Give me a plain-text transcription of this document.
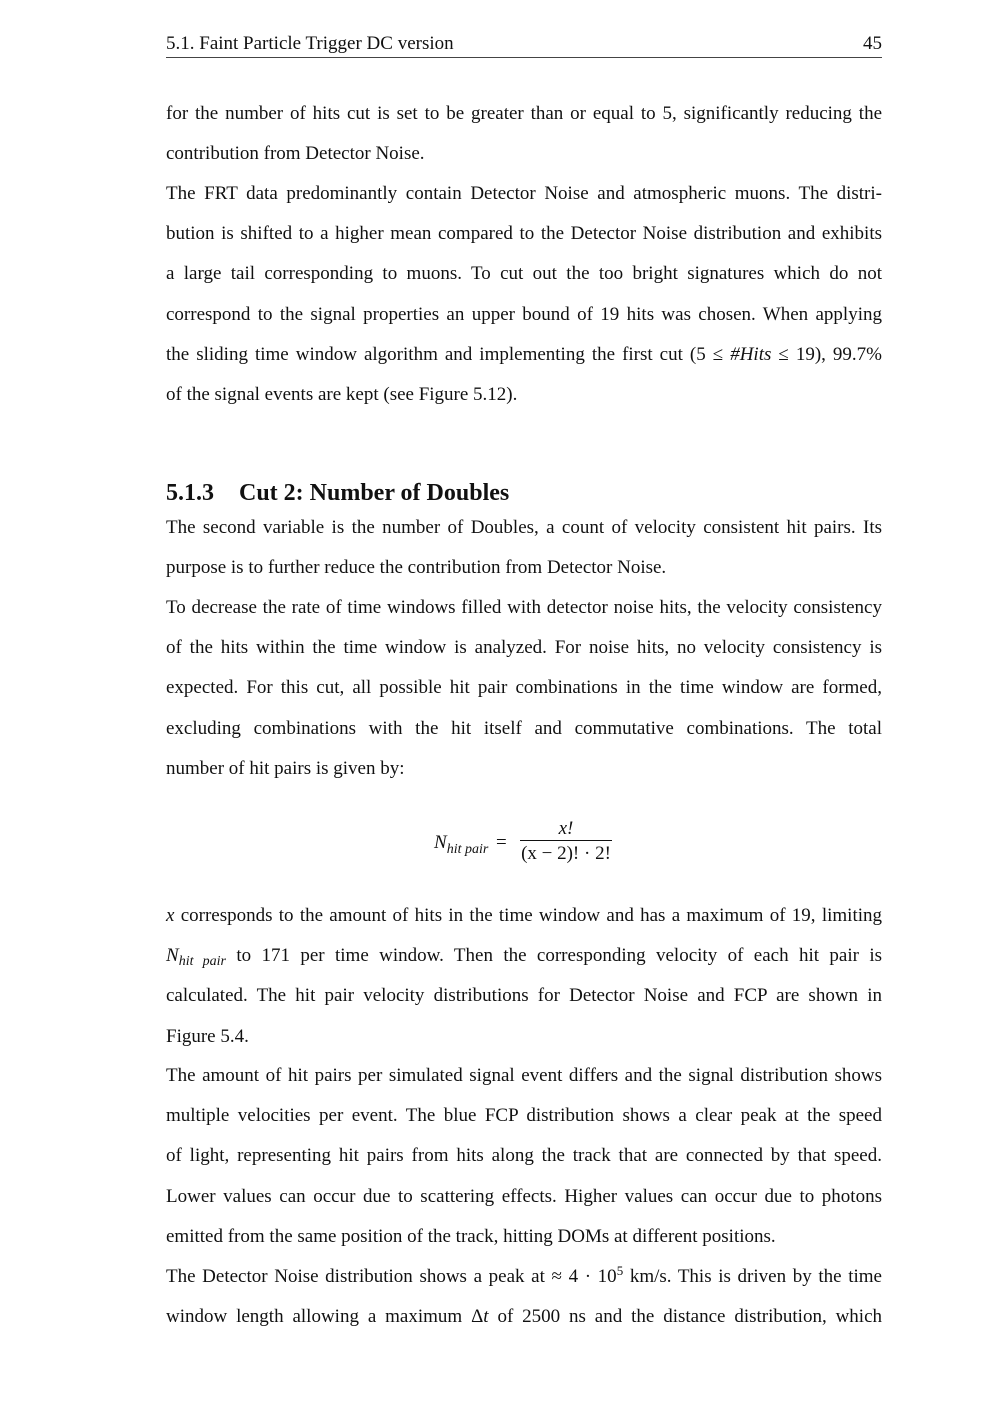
5.1. Faint Particle Trigger DC version	45

for the number of hits cut is set to be greater than or equal to 5, significantly reducing the
contribution from Detector Noise.

The FRT data predominantly contain Detector Noise and atmospheric muons. The distri-
bution is shifted to a higher mean compared to the Detector Noise distribution and exhibits
a large tail corresponding to muons. To cut out the too bright signatures which do not
correspond to the signal properties an upper bound of 19 hits was chosen. When applying
the sliding time window algorithm and implementing the first cut (5 ≤ #Hits ≤ 19), 99.7%
of the signal events are kept (see Figure 5.12).

5.1.3 Cut 2: Number of Doubles

The second variable is the number of Doubles, a count of velocity consistent hit pairs. Its
purpose is to further reduce the contribution from Detector Noise.

To decrease the rate of time windows filled with detector noise hits, the velocity consistency
of the hits within the time window is analyzed. For noise hits, no velocity consistency is
expected. For this cut, all possible hit pair combinations in the time window are formed,
excluding combinations with the hit itself and commutative combinations. The total
number of hit pairs is given by:

$N_{hit pair} = \frac{x!}{(x - 2)! \cdot 2!}$

x corresponds to the amount of hits in the time window and has a maximum of 19, limiting
$N_{hit pair}$ to 171 per time window. Then the corresponding velocity of each hit pair is
calculated. The hit pair velocity distributions for Detector Noise and FCP are shown in
Figure 5.4.

The amount of hit pairs per simulated signal event differs and the signal distribution shows
multiple velocities per event. The blue FCP distribution shows a clear peak at the speed
of light, representing hit pairs from hits along the track that are connected by that speed.
Lower values can occur due to scattering effects. Higher values can occur due to photons
emitted from the same position of the track, hitting DOMs at different positions.

The Detector Noise distribution shows a peak at ≈ $4 \cdot 10^5$ km/s. This is driven by the time
window length allowing a maximum Δt of 2500 ns and the distance distribution, which
